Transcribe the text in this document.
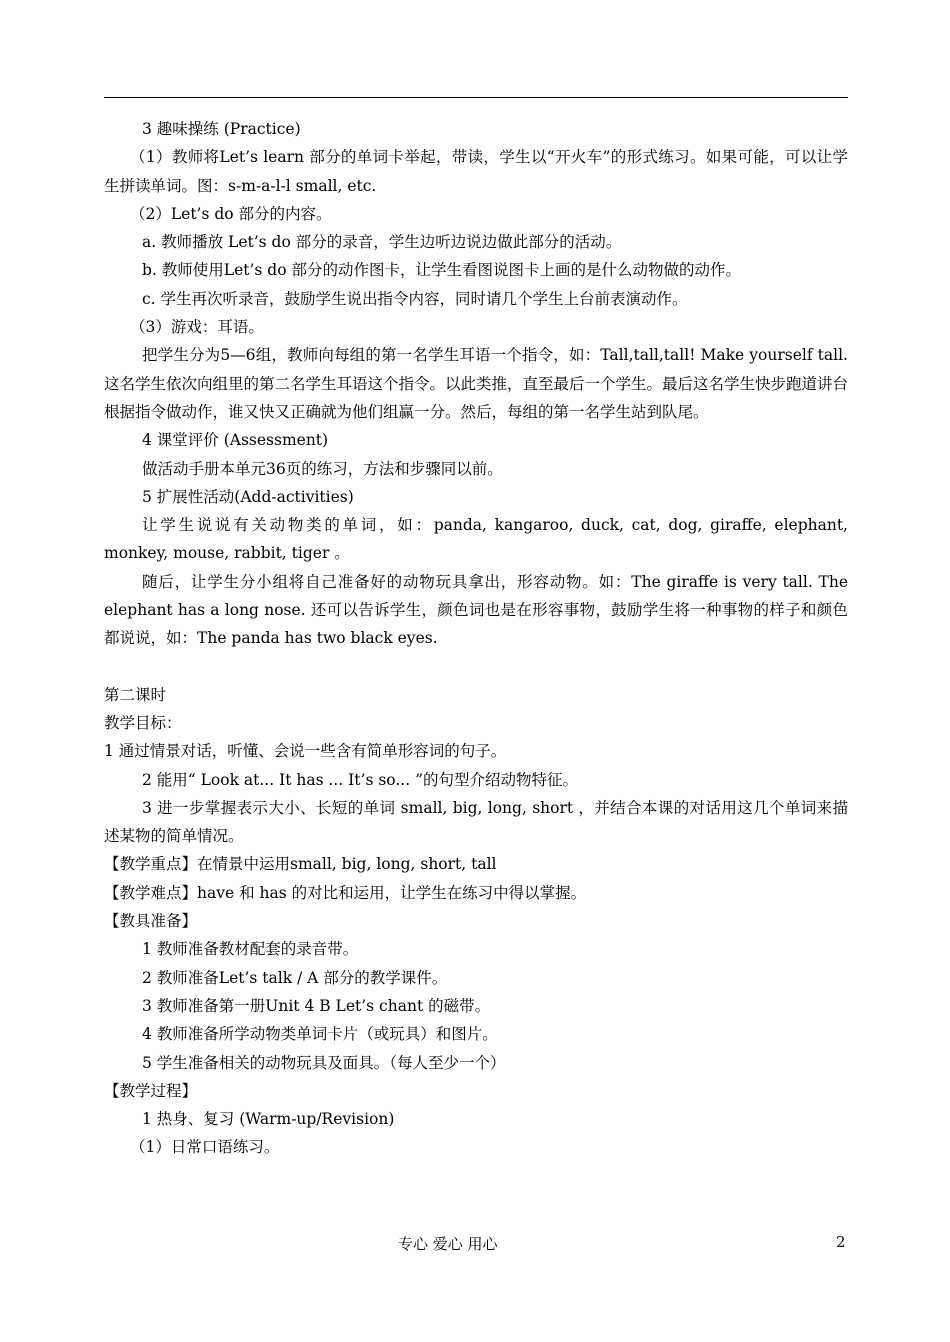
3 趣味操练 (Practice)

（1）教师将Let’s learn 部分的单词卡举起，带读，学生以“开火车”的形式练习。如果可能，可以让学生拼读单词。图：s-m-a-l-l small, etc.

（2）Let’s do 部分的内容。

a. 教师播放 Let’s do 部分的录音，学生边听边说边做此部分的活动。

b. 教师使用Let’s do 部分的动作图卡，让学生看图说图卡上画的是什么动物做的动作。

c. 学生再次听录音，鼓励学生说出指令内容，同时请几个学生上台前表演动作。

（3）游戏：耳语。

把学生分为5—6组，教师向每组的第一名学生耳语一个指令，如：Tall,tall,tall! Make yourself tall. 这名学生依次向组里的第二名学生耳语这个指令。以此类推，直至最后一个学生。最后这名学生快步跑道讲台根据指令做动作，谁又快又正确就为他们组赢一分。然后，每组的第一名学生站到队尾。

4 课堂评价 (Assessment)

做活动手册本单元36页的练习，方法和步骤同以前。

5 扩展性活动(Add-activities)

让学生说说有关动物类的单词，如：panda, kangaroo, duck, cat, dog, giraffe, elephant, monkey, mouse, rabbit, tiger 。

随后，让学生分小组将自己准备好的动物玩具拿出，形容动物。如：The giraffe is very tall. The elephant has a long nose. 还可以告诉学生，颜色词也是在形容事物，鼓励学生将一种事物的样子和颜色都说说，如：The panda has two black eyes.

第二课时

教学目标：

1 通过情景对话，听懂、会说一些含有简单形容词的句子。

2 能用“ Look at... It has ... It’s so... ”的句型介绍动物特征。

3 进一步掌握表示大小、长短的单词 small, big, long, short ，并结合本课的对话用这几个单词来描述某物的简单情况。

【教学重点】在情景中运用small, big, long, short, tall

【教学难点】have 和 has 的对比和运用，让学生在练习中得以掌握。

【教具准备】

1 教师准备教材配套的录音带。

2 教师准备Let’s talk / A 部分的教学课件。

3 教师准备第一册Unit 4 B Let’s chant 的磁带。

4 教师准备所学动物类单词卡片（或玩具）和图片。

5 学生准备相关的动物玩具及面具。（每人至少一个）

【教学过程】

1 热身、复习 (Warm-up/Revision)

（1）日常口语练习。

专心 爱心 用心	2
